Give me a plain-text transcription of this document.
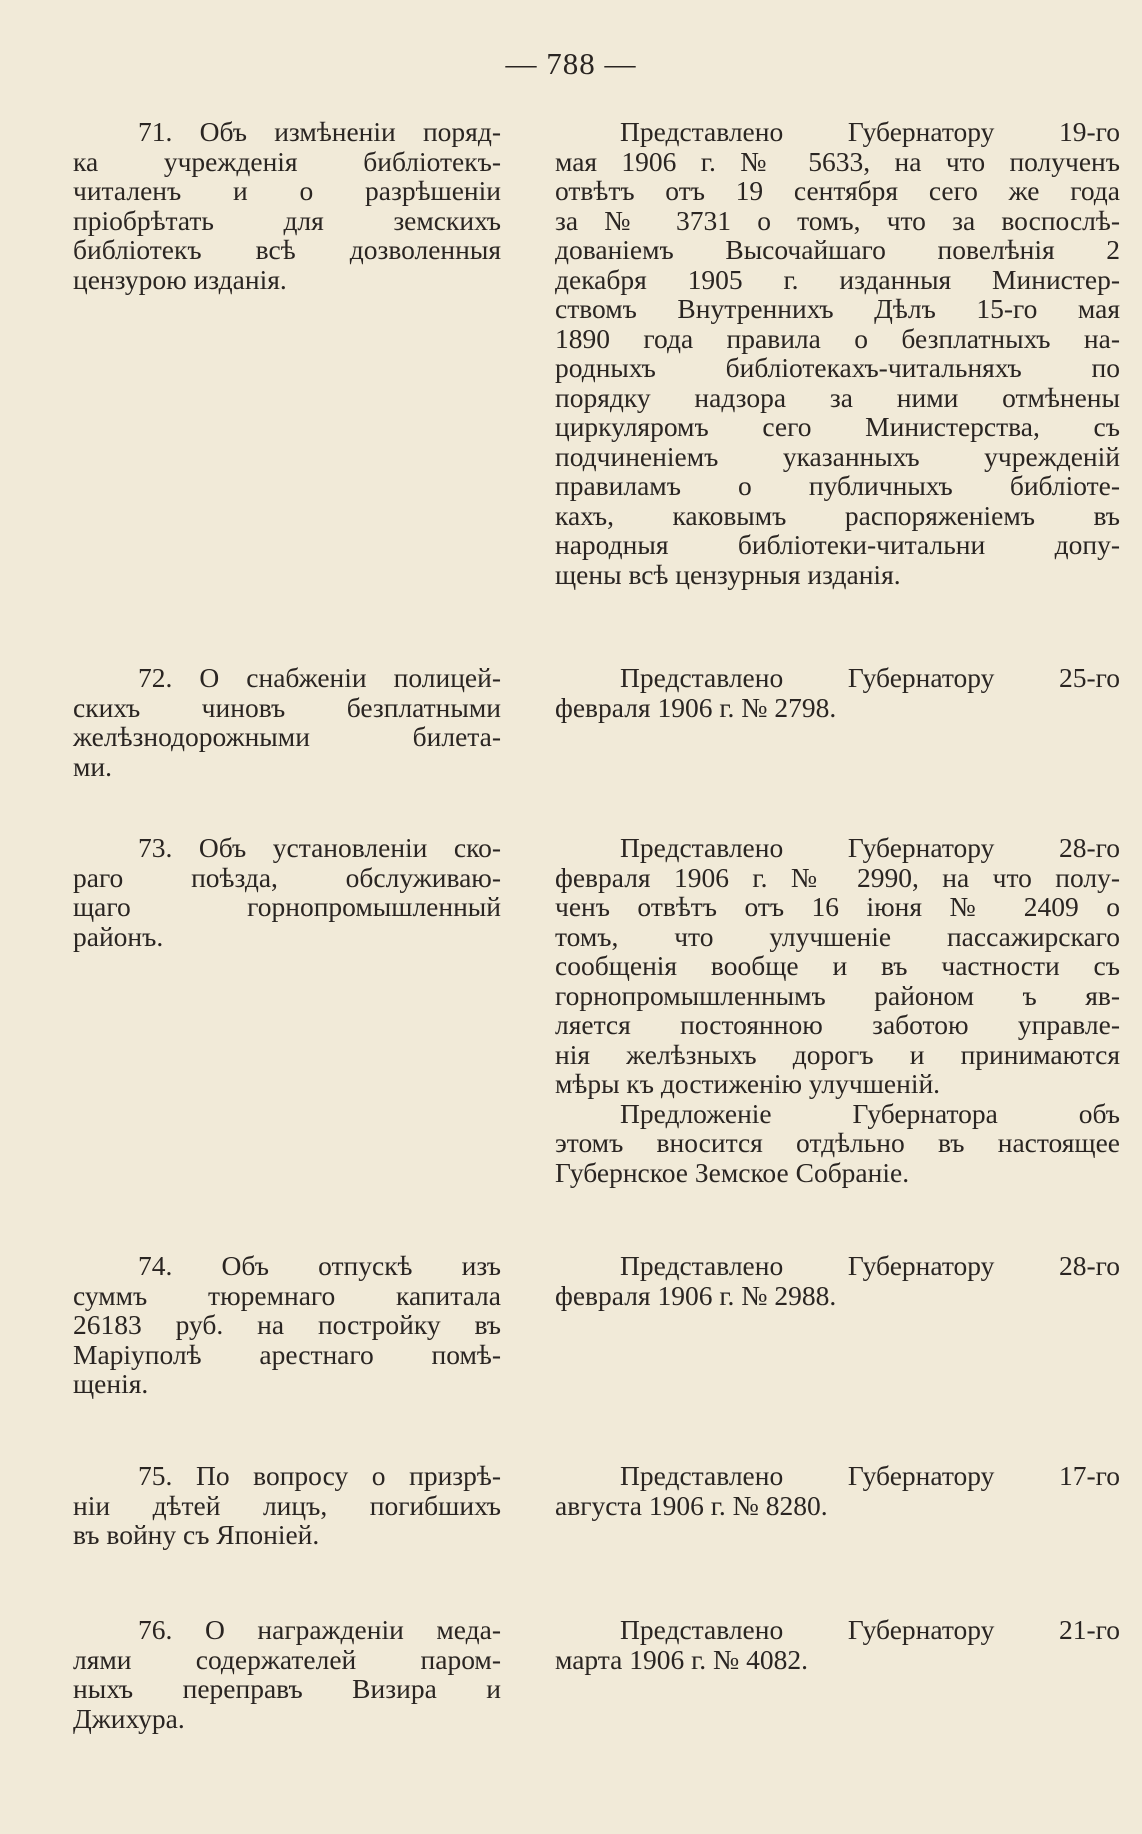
— 788 —
71. Объ измѣненіи поряд-
ка учрежденія библіотекъ-
читаленъ и о разрѣшеніи
пріобрѣтать для земскихъ
библіотекъ всѣ дозволенныя
цензурою изданія.
Представлено Губернатору 19-го
мая 1906 г. № 5633, на что полученъ
отвѣтъ отъ 19 сентября сего же года
за № 3731 о томъ, что за воспослѣ-
дованіемъ Высочайшаго повелѣнія 2
декабря 1905 г. изданныя Министер-
ствомъ Внутреннихъ Дѣлъ 15-го мая
1890 года правила о безплатныхъ на-
родныхъ библіотекахъ-читальняхъ по
порядку надзора за ними отмѣнены
циркуляромъ сего Министерства, съ
подчиненіемъ указанныхъ учрежденій
правиламъ о публичныхъ библіоте-
кахъ, каковымъ распоряженіемъ въ
народныя библіотеки-читальни допу-
щены всѣ цензурныя изданія.
72. О снабженіи полицей-
скихъ чиновъ безплатными
желѣзнодорожными билета-
ми.
Представлено Губернатору 25-го
февраля 1906 г. № 2798.
73. Объ установленіи ско-
раго поѣзда, обслуживаю-
щаго горнопромышленный
районъ.
Представлено Губернатору 28-го
февраля 1906 г. № 2990, на что полу-
ченъ отвѣтъ отъ 16 іюня № 2409 о
томъ, что улучшеніе пассажирскаго
сообщенія вообще и въ частности съ
горнопромышленнымъ районом ъ яв-
ляется постоянною заботою управле-
нія желѣзныхъ дорогъ и принимаются
мѣры къ достиженію улучшеній.
Предложеніе Губернатора объ
этомъ вносится отдѣльно въ настоящее
Губернское Земское Собраніе.
74. Объ отпускѣ изъ
суммъ тюремнаго капитала
26183 руб. на постройку въ
Маріуполѣ арестнаго помѣ-
щенія.
Представлено Губернатору 28-го
февраля 1906 г. № 2988.
75. По вопросу о призрѣ-
ніи дѣтей лицъ, погибшихъ
въ войну съ Японіей.
Представлено Губернатору 17-го
августа 1906 г. № 8280.
76. О награжденіи меда-
лями содержателей паром-
ныхъ переправъ Визира и
Джихура.
Представлено Губернатору 21-го
марта 1906 г. № 4082.
